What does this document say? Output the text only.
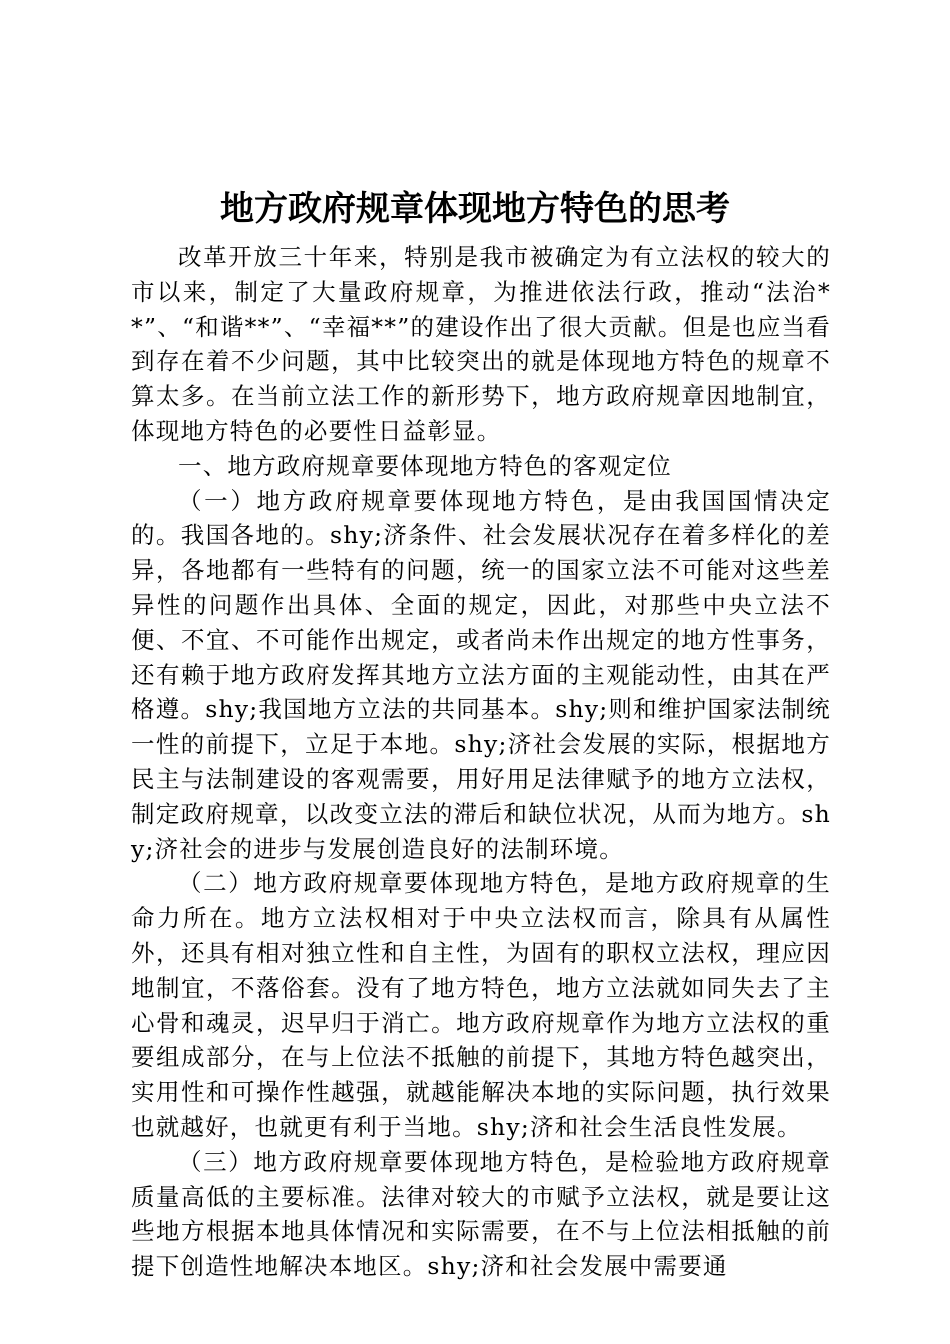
地方政府规章体现地方特色的思考

改革开放三十年来，特别是我市被确定为有立法权的较大的市以来，制定了大量政府规章，为推进依法行政，推动“法治**”、“和谐**”、“幸福**”的建设作出了很大贡献。但是也应当看到存在着不少问题，其中比较突出的就是体现地方特色的规章不算太多。在当前立法工作的新形势下，地方政府规章因地制宜，体现地方特色的必要性日益彰显。

一、地方政府规章要体现地方特色的客观定位

（一）地方政府规章要体现地方特色，是由我国国情决定的。我国各地的。shy;济条件、社会发展状况存在着多样化的差异，各地都有一些特有的问题，统一的国家立法不可能对这些差异性的问题作出具体、全面的规定，因此，对那些中央立法不便、不宜、不可能作出规定，或者尚未作出规定的地方性事务，还有赖于地方政府发挥其地方立法方面的主观能动性，由其在严格遵。shy;我国地方立法的共同基本。shy;则和维护国家法制统一性的前提下，立足于本地。shy;济社会发展的实际，根据地方民主与法制建设的客观需要，用好用足法律赋予的地方立法权，制定政府规章，以改变立法的滞后和缺位状况，从而为地方。shy;济社会的进步与发展创造良好的法制环境。

（二）地方政府规章要体现地方特色，是地方政府规章的生命力所在。地方立法权相对于中央立法权而言，除具有从属性外，还具有相对独立性和自主性，为固有的职权立法权，理应因地制宜，不落俗套。没有了地方特色，地方立法就如同失去了主心骨和魂灵，迟早归于消亡。地方政府规章作为地方立法权的重要组成部分，在与上位法不抵触的前提下，其地方特色越突出，实用性和可操作性越强，就越能解决本地的实际问题，执行效果也就越好，也就更有利于当地。shy;济和社会生活良性发展。

（三）地方政府规章要体现地方特色，是检验地方政府规章质量高低的主要标准。法律对较大的市赋予立法权，就是要让这些地方根据本地具体情况和实际需要，在不与上位法相抵触的前提下创造性地解决本地区。shy;济和社会发展中需要通
